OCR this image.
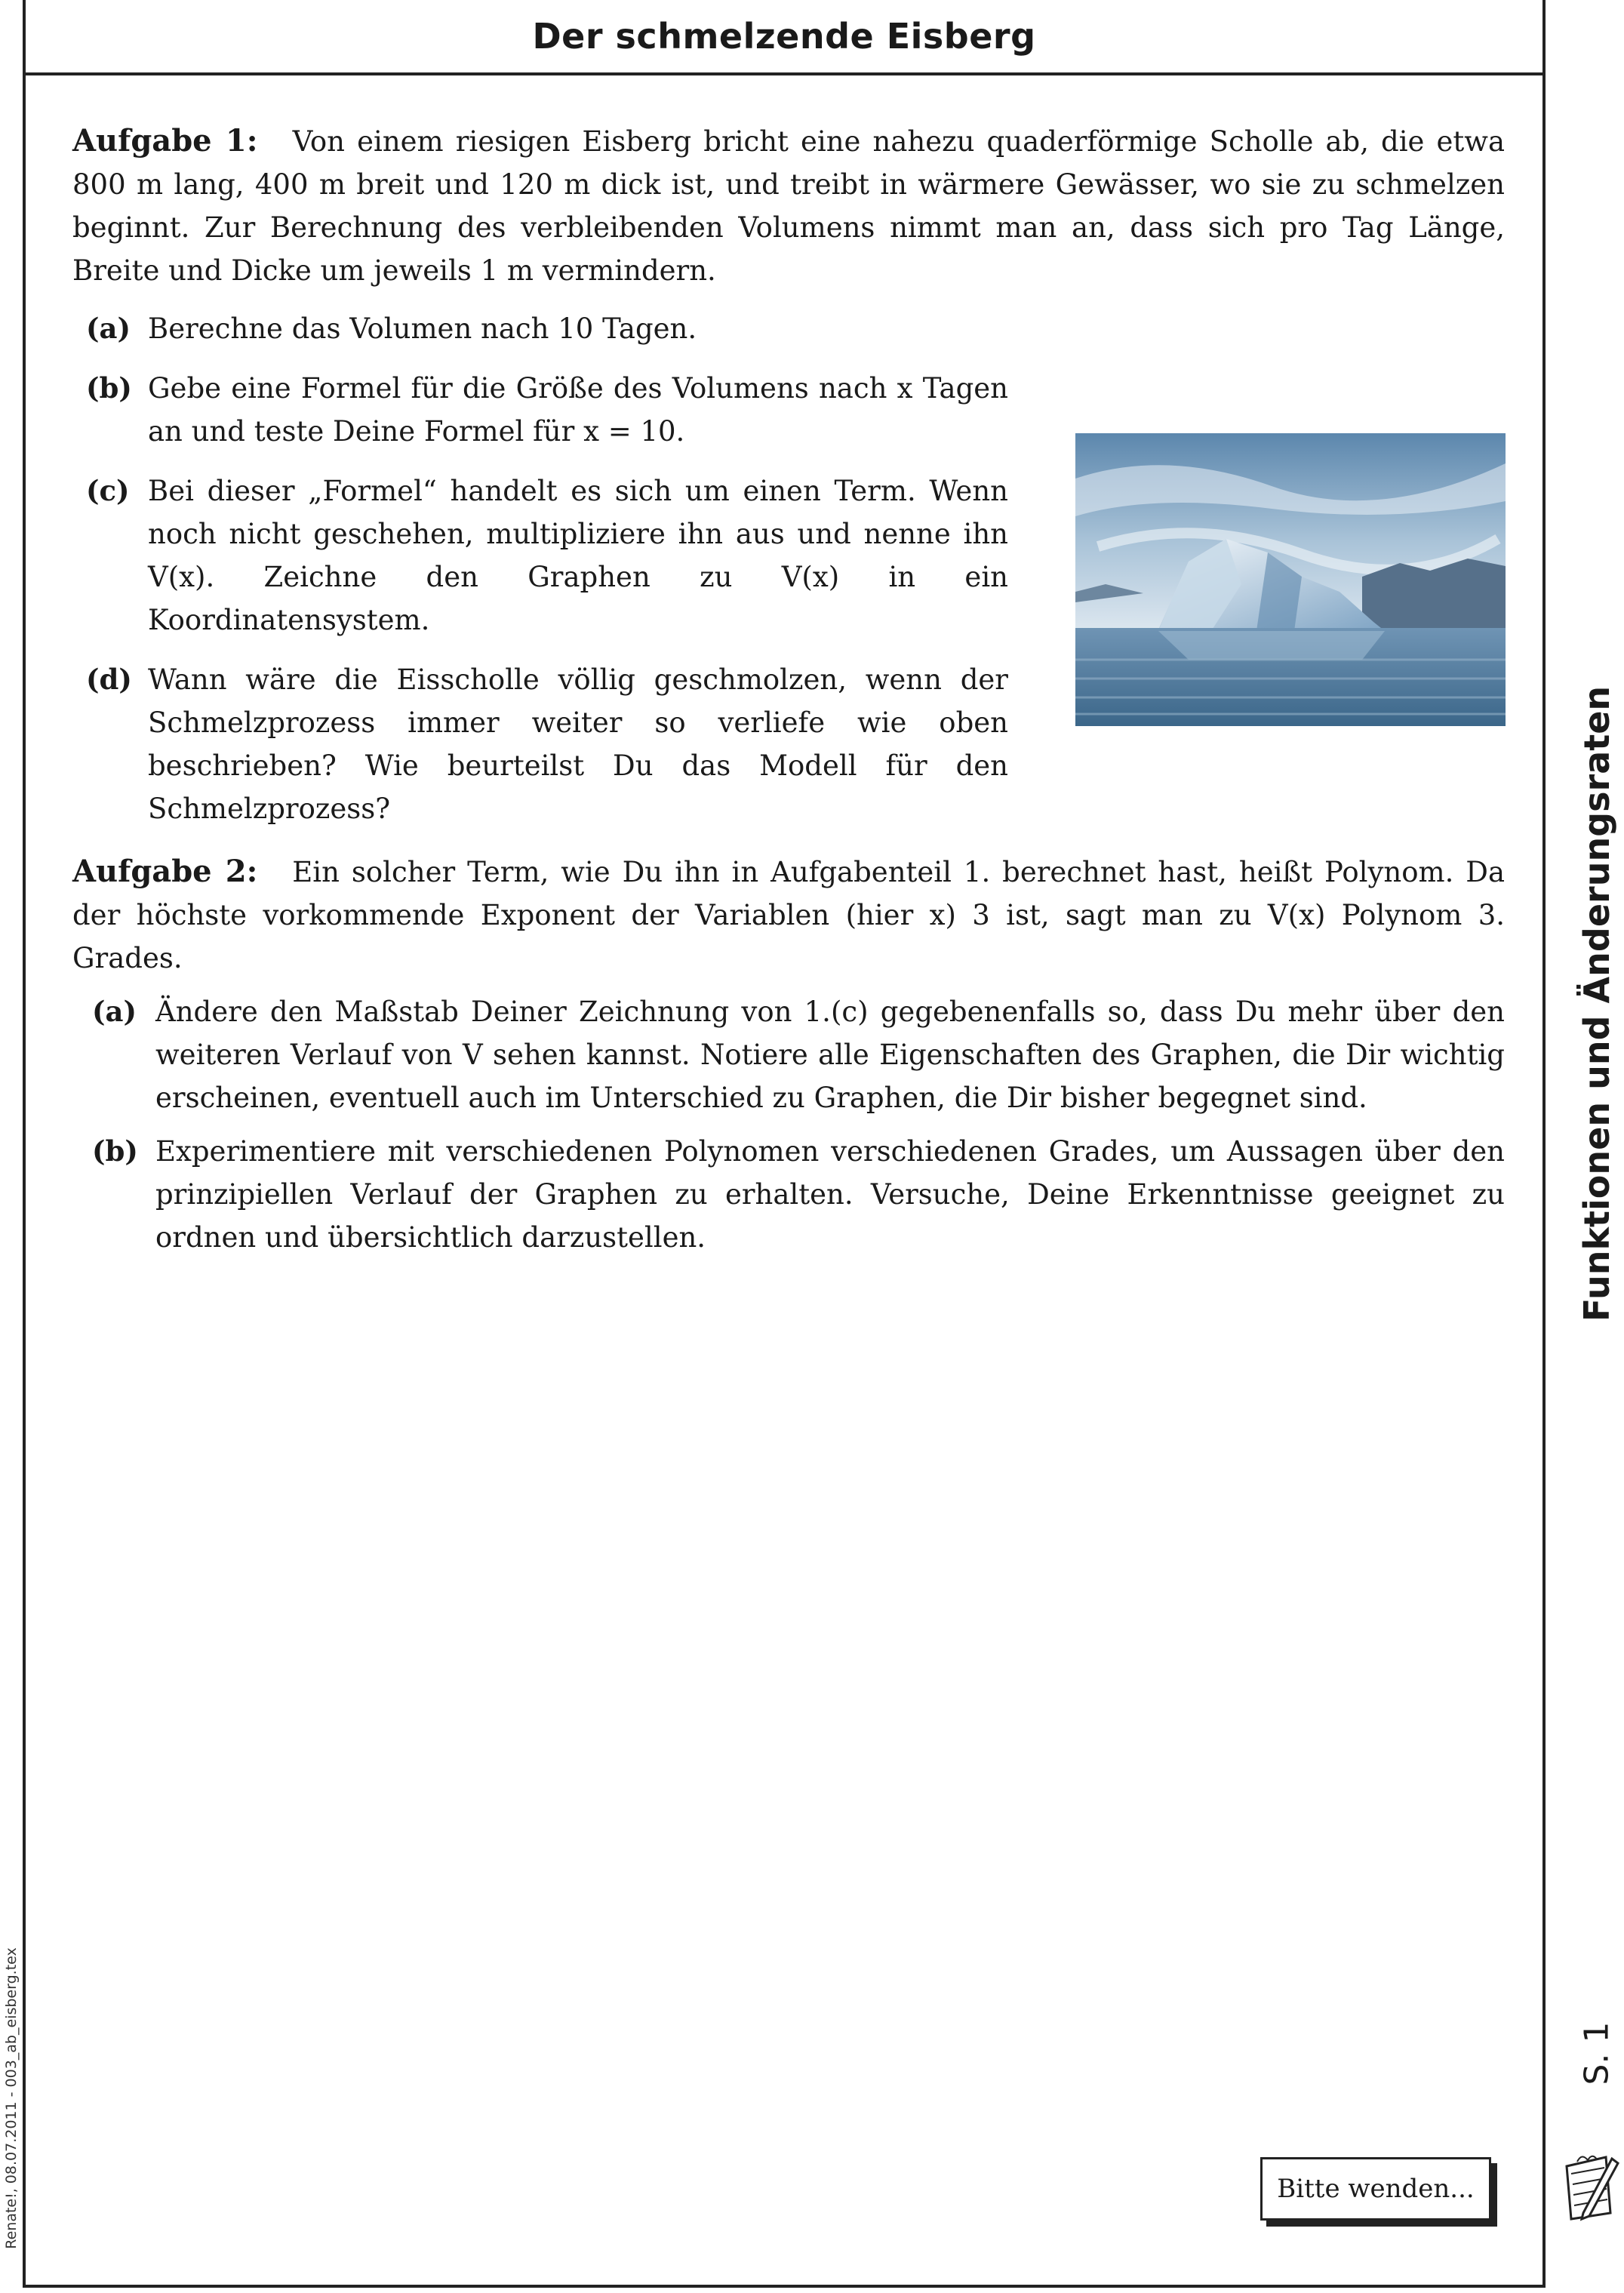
Der schmelzende Eisberg
Funktionen und Änderungsraten
S. 1
Renate!, 08.07.2011 - 003_ab_eisberg.tex

Aufgabe 1: Von einem riesigen Eisberg bricht eine nahezu quaderförmige Scholle ab, die etwa 800 m lang, 400 m breit und 120 m dick ist, und treibt in wärmere Gewässer, wo sie zu schmelzen beginnt. Zur Berechnung des verbleibenden Volumens nimmt man an, dass sich pro Tag Länge, Breite und Dicke um jeweils 1 m vermindern.

(a) Berechne das Volumen nach 10 Tagen.
(b) Gebe eine Formel für die Größe des Volumens nach x Tagen an und teste Deine Formel für x = 10.
(c) Bei dieser „Formel“ handelt es sich um einen Term. Wenn noch nicht geschehen, multipliziere ihn aus und nenne ihn V(x). Zeichne den Graphen zu V(x) in ein Koordinatensystem.
(d) Wann wäre die Eisscholle völlig geschmolzen, wenn der Schmelzprozess immer weiter so verliefe wie oben beschrieben? Wie beurteilst Du das Modell für den Schmelzprozess?

Aufgabe 2: Ein solcher Term, wie Du ihn in Aufgabenteil 1. berechnet hast, heißt Polynom. Da der höchste vorkommende Exponent der Variablen (hier x) 3 ist, sagt man zu V(x) Polynom 3. Grades.

(a) Ändere den Maßstab Deiner Zeichnung von 1.(c) gegebenenfalls so, dass Du mehr über den weiteren Verlauf von V sehen kannst. Notiere alle Eigenschaften des Graphen, die Dir wichtig erscheinen, eventuell auch im Unterschied zu Graphen, die Dir bisher begegnet sind.
(b) Experimentiere mit verschiedenen Polynomen verschiedenen Grades, um Aussagen über den prinzipiellen Verlauf der Graphen zu erhalten. Versuche, Deine Erkenntnisse geeignet zu ordnen und übersichtlich darzustellen.
Bitte wenden...
